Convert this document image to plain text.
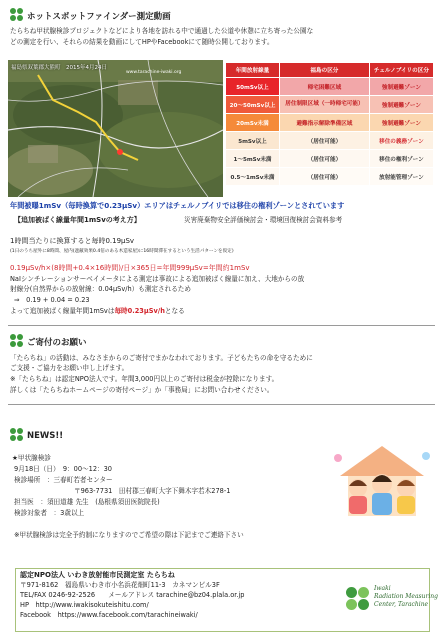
ホットスポットファインダー測定動画
たらちね甲状腺検診プロジェクトなどにより各地を訪れる中で通過した公道や休憩に立ち寄った公園な
どの測定を行い、それらの結果を動画にしてHPやFacebookにて随時公開しております。
福島県双葉郡大熊町　2015年4月24日
www.tarachine-iwaki.org	年間放射線量	福島の区分	チェルノブイリの区分
50mSv以上	帰宅困難区域	強制避難ゾーン
20～50mSv以上	居住制限区域（一時帰宅可能）	強制避難ゾーン
20mSv未満	避難指示解除準備区域	強制避難ゾーン
5mSv以上	（居住可能）	移住の義務ゾーン
1～5mSv未満	（居住可能）	移住の権利ゾーン
0.5～1mSv未満	（居住可能）	放射能管理ゾーン
年間被曝1mSv（毎時換算で0.23μSv）エリアはチェルノブイリでは移住の権利ゾーンとされています
【追加被ばく線量年間1mSvの考え方】	災害廃棄物安全評価検討会・環境回復検討会資料参考
1時間当たりに換算すると毎時0.19μSv
(1日のうち屋外に8時間、屋内(遮蔽効果0.4倍のある木造家屋)に16時間滞在するという生活パターンを仮定)
0.19μSv/h×(8時間+0.4×16時間)/日×365日=年間999μSv=年間約1mSv
NaIシンチレーションサーベイメータによる測定は事故による追加被ばく線量に加え、大地からの放
射線分(自然界からの放射線：0.04μSv/h）も測定されるため
⇒　0.19 + 0.04 = 0.23
よって追加被ばく線量年間1mSvは毎時0.23μSv/hとなる
ご寄付のお願い
「たらちね」の活動は、みなさまからのご寄付でまかなわれております。子どもたちの命を守るために
ご支援・ご協力をお願い申し上げます。
※「たらちね」は認定NPO法人です。年間3,000円以上のご寄付は税金が控除になります。
詳しくは「たらちねホームページの寄付ページ」か「事務局」にお問い合わせください。
NEWS!!
★甲状腺検診
9月18日（日）　9：00～12：30
検診場所　：三春町若者センター
〒963-7731　田村郡三春町大字下舞木字若木278-1
担当医　：須田道雄 先生　(島根県須田医院院長)
検診対象者　：3歳以上
※甲状腺検診は完全予約制になりますのでご希望の際は下記までご連絡下さい
認定NPO法人 いわき放射能市民測定室 たらちね
〒971-8162　福島県いわき市小名浜花畑町11-3　カネマンビル3F
TEL/FAX 0246-92-2526　　メールアドレス tarachine@bz04.plala.or.jp
HP　http://www.iwakisokuteishitu.com/
Facebook　https://www.facebook.com/tarachineiwaki/
Iwaki
Radiation Measuring
Center, Tarachine
